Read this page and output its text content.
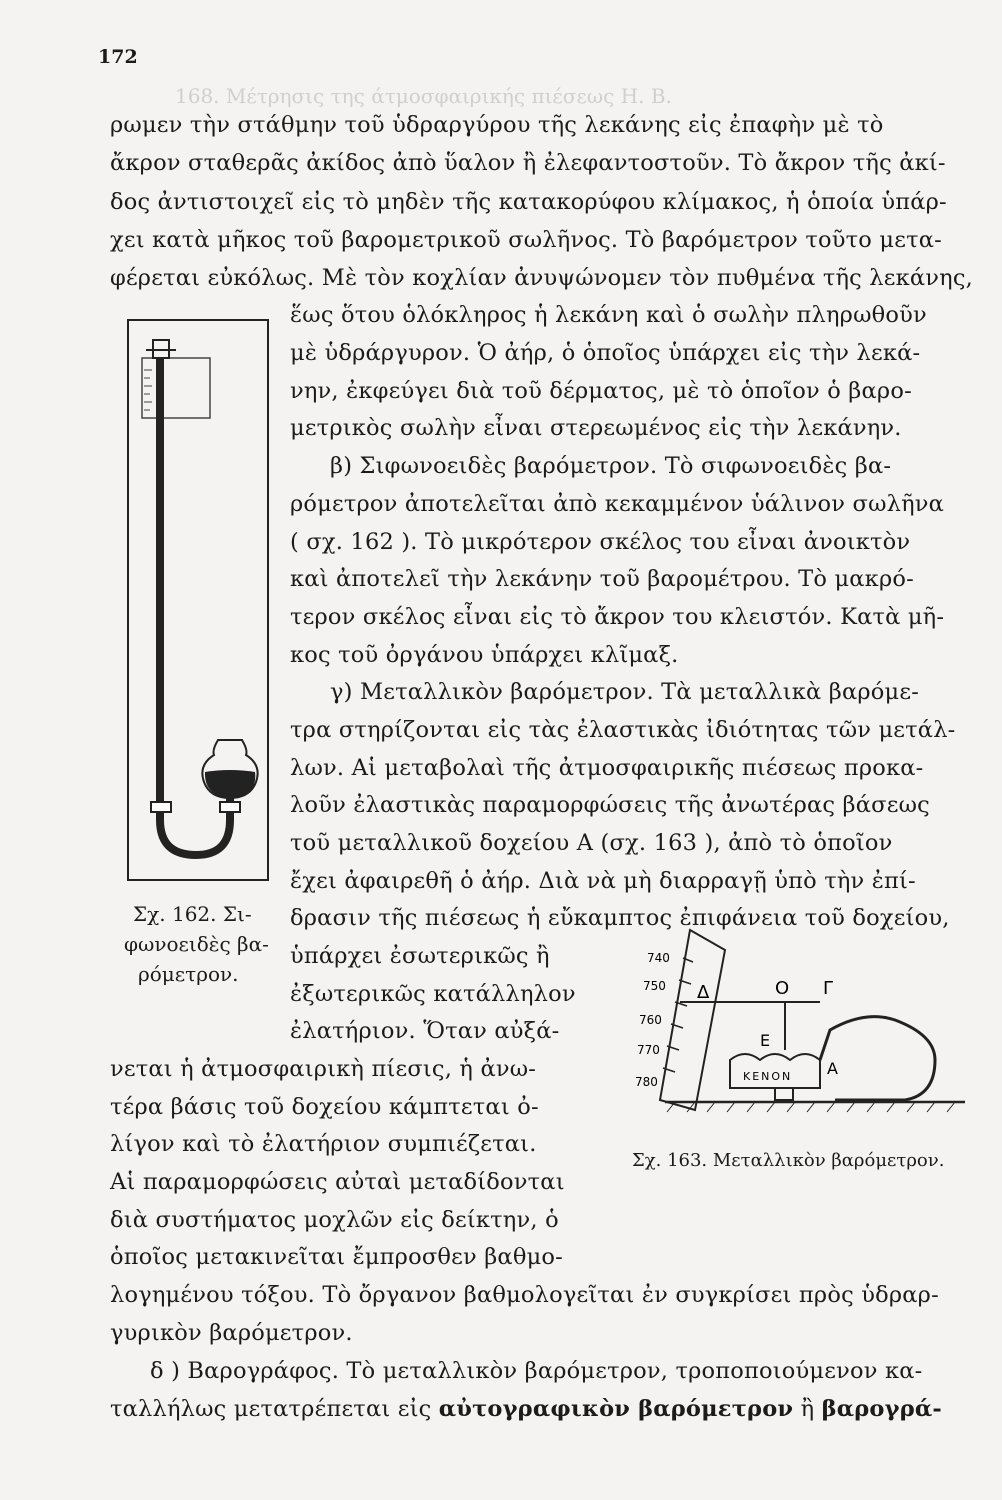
172
168. Μέτρησις της άτμοσφαιρικής πιέσεως Η. Β.
ρωμεν τὴν στάθμην τοῦ ὑδραργύρου τῆς λεκάνης εἰς ἐπαφὴν μὲ τὸ
ἄκρον σταθερᾶς ἀκίδος ἀπὸ ὕαλον ἢ ἐλεφαντοστοῦν. Τὸ ἄκρον τῆς ἀκί-
δος ἀντιστοιχεῖ εἰς τὸ μηδὲν τῆς κατακορύφου κλίμακος, ἡ ὁποία ὑπάρ-
χει κατὰ μῆκος τοῦ βαρομετρικοῦ σωλῆνος. Τὸ βαρόμετρον τοῦτο μετα-
φέρεται εὐκόλως. Μὲ τὸν κοχλίαν ἀνυψώνομεν τὸν πυθμένα τῆς λεκάνης,
ἕως ὅτου ὁλόκληρος ἡ λεκάνη καὶ ὁ σωλὴν πληρωθοῦν
μὲ ὑδράργυρον. Ὁ ἀήρ, ὁ ὁποῖος ὑπάρχει εἰς τὴν λεκά-
νην, ἐκφεύγει διὰ τοῦ δέρματος, μὲ τὸ ὁποῖον ὁ βαρο-
μετρικὸς σωλὴν εἶναι στερεωμένος εἰς τὴν λεκάνην.
β) Σιφωνοειδὲς βαρόμετρον. Τὸ σιφωνοειδὲς βα-
ρόμετρον ἀποτελεῖται ἀπὸ κεκαμμένον ὑάλινον σωλῆνα
( σχ. 162 ). Τὸ μικρότερον σκέλος του εἶναι ἀνοικτὸν
καὶ ἀποτελεῖ τὴν λεκάνην τοῦ βαρομέτρου. Τὸ μακρό-
τερον σκέλος εἶναι εἰς τὸ ἄκρον του κλειστόν. Κατὰ μῆ-
κος τοῦ ὀργάνου ὑπάρχει κλῖμαξ.
γ) Μεταλλικὸν βαρόμετρον. Τὰ μεταλλικὰ βαρόμε-
τρα στηρίζονται εἰς τὰς ἐλαστικὰς ἰδιότητας τῶν μετάλ-
λων. Αἱ μεταβολαὶ τῆς ἀτμοσφαιρικῆς πιέσεως προκα-
λοῦν ἐλαστικὰς παραμορφώσεις τῆς ἀνωτέρας βάσεως
τοῦ μεταλλικοῦ δοχείου Α (σχ. 163 ), ἀπὸ τὸ ὁποῖον
ἔχει ἀφαιρεθῆ ὁ ἀήρ. Διὰ νὰ μὴ διαρραγῇ ὑπὸ τὴν ἐπί-
δρασιν τῆς πιέσεως ἡ εὔκαμπτος ἐπιφάνεια τοῦ δοχείου,
ὑπάρχει ἐσωτερικῶς ἢ
ἐξωτερικῶς κατάλληλον
ἐλατήριον. Ὅταν αὐξά-
νεται ἡ ἀτμοσφαιρικὴ πίεσις, ἡ ἀνω-
τέρα βάσις τοῦ δοχείου κάμπτεται ὀ-
λίγον καὶ τὸ ἐλατήριον συμπιέζεται.
Αἱ παραμορφώσεις αὐταὶ μεταδίδονται
διὰ συστήματος μοχλῶν εἰς δείκτην, ὁ
ὁποῖος μετακινεῖται ἔμπροσθεν βαθμο-
λογημένου τόξου. Τὸ ὄργανον βαθμολογεῖται ἐν συγκρίσει πρὸς ὑδραρ-
γυρικὸν βαρόμετρον.
δ ) Βαρογράφος. Τὸ μεταλλικὸν βαρόμετρον, τροποποιούμενον κα-
ταλλήλως μετατρέπεται εἰς αὐτογραφικὸν βαρόμετρον ἢ βαρογρά-
Σχ. 162. Σι-
φωνοειδὲς βα-
ρόμετρον.
740
750
760
770
780
Δ	Ο Γ
Ε
ΚΕΝΟΝ Α
Σχ. 163. Μεταλλικὸν βαρόμετρον.
